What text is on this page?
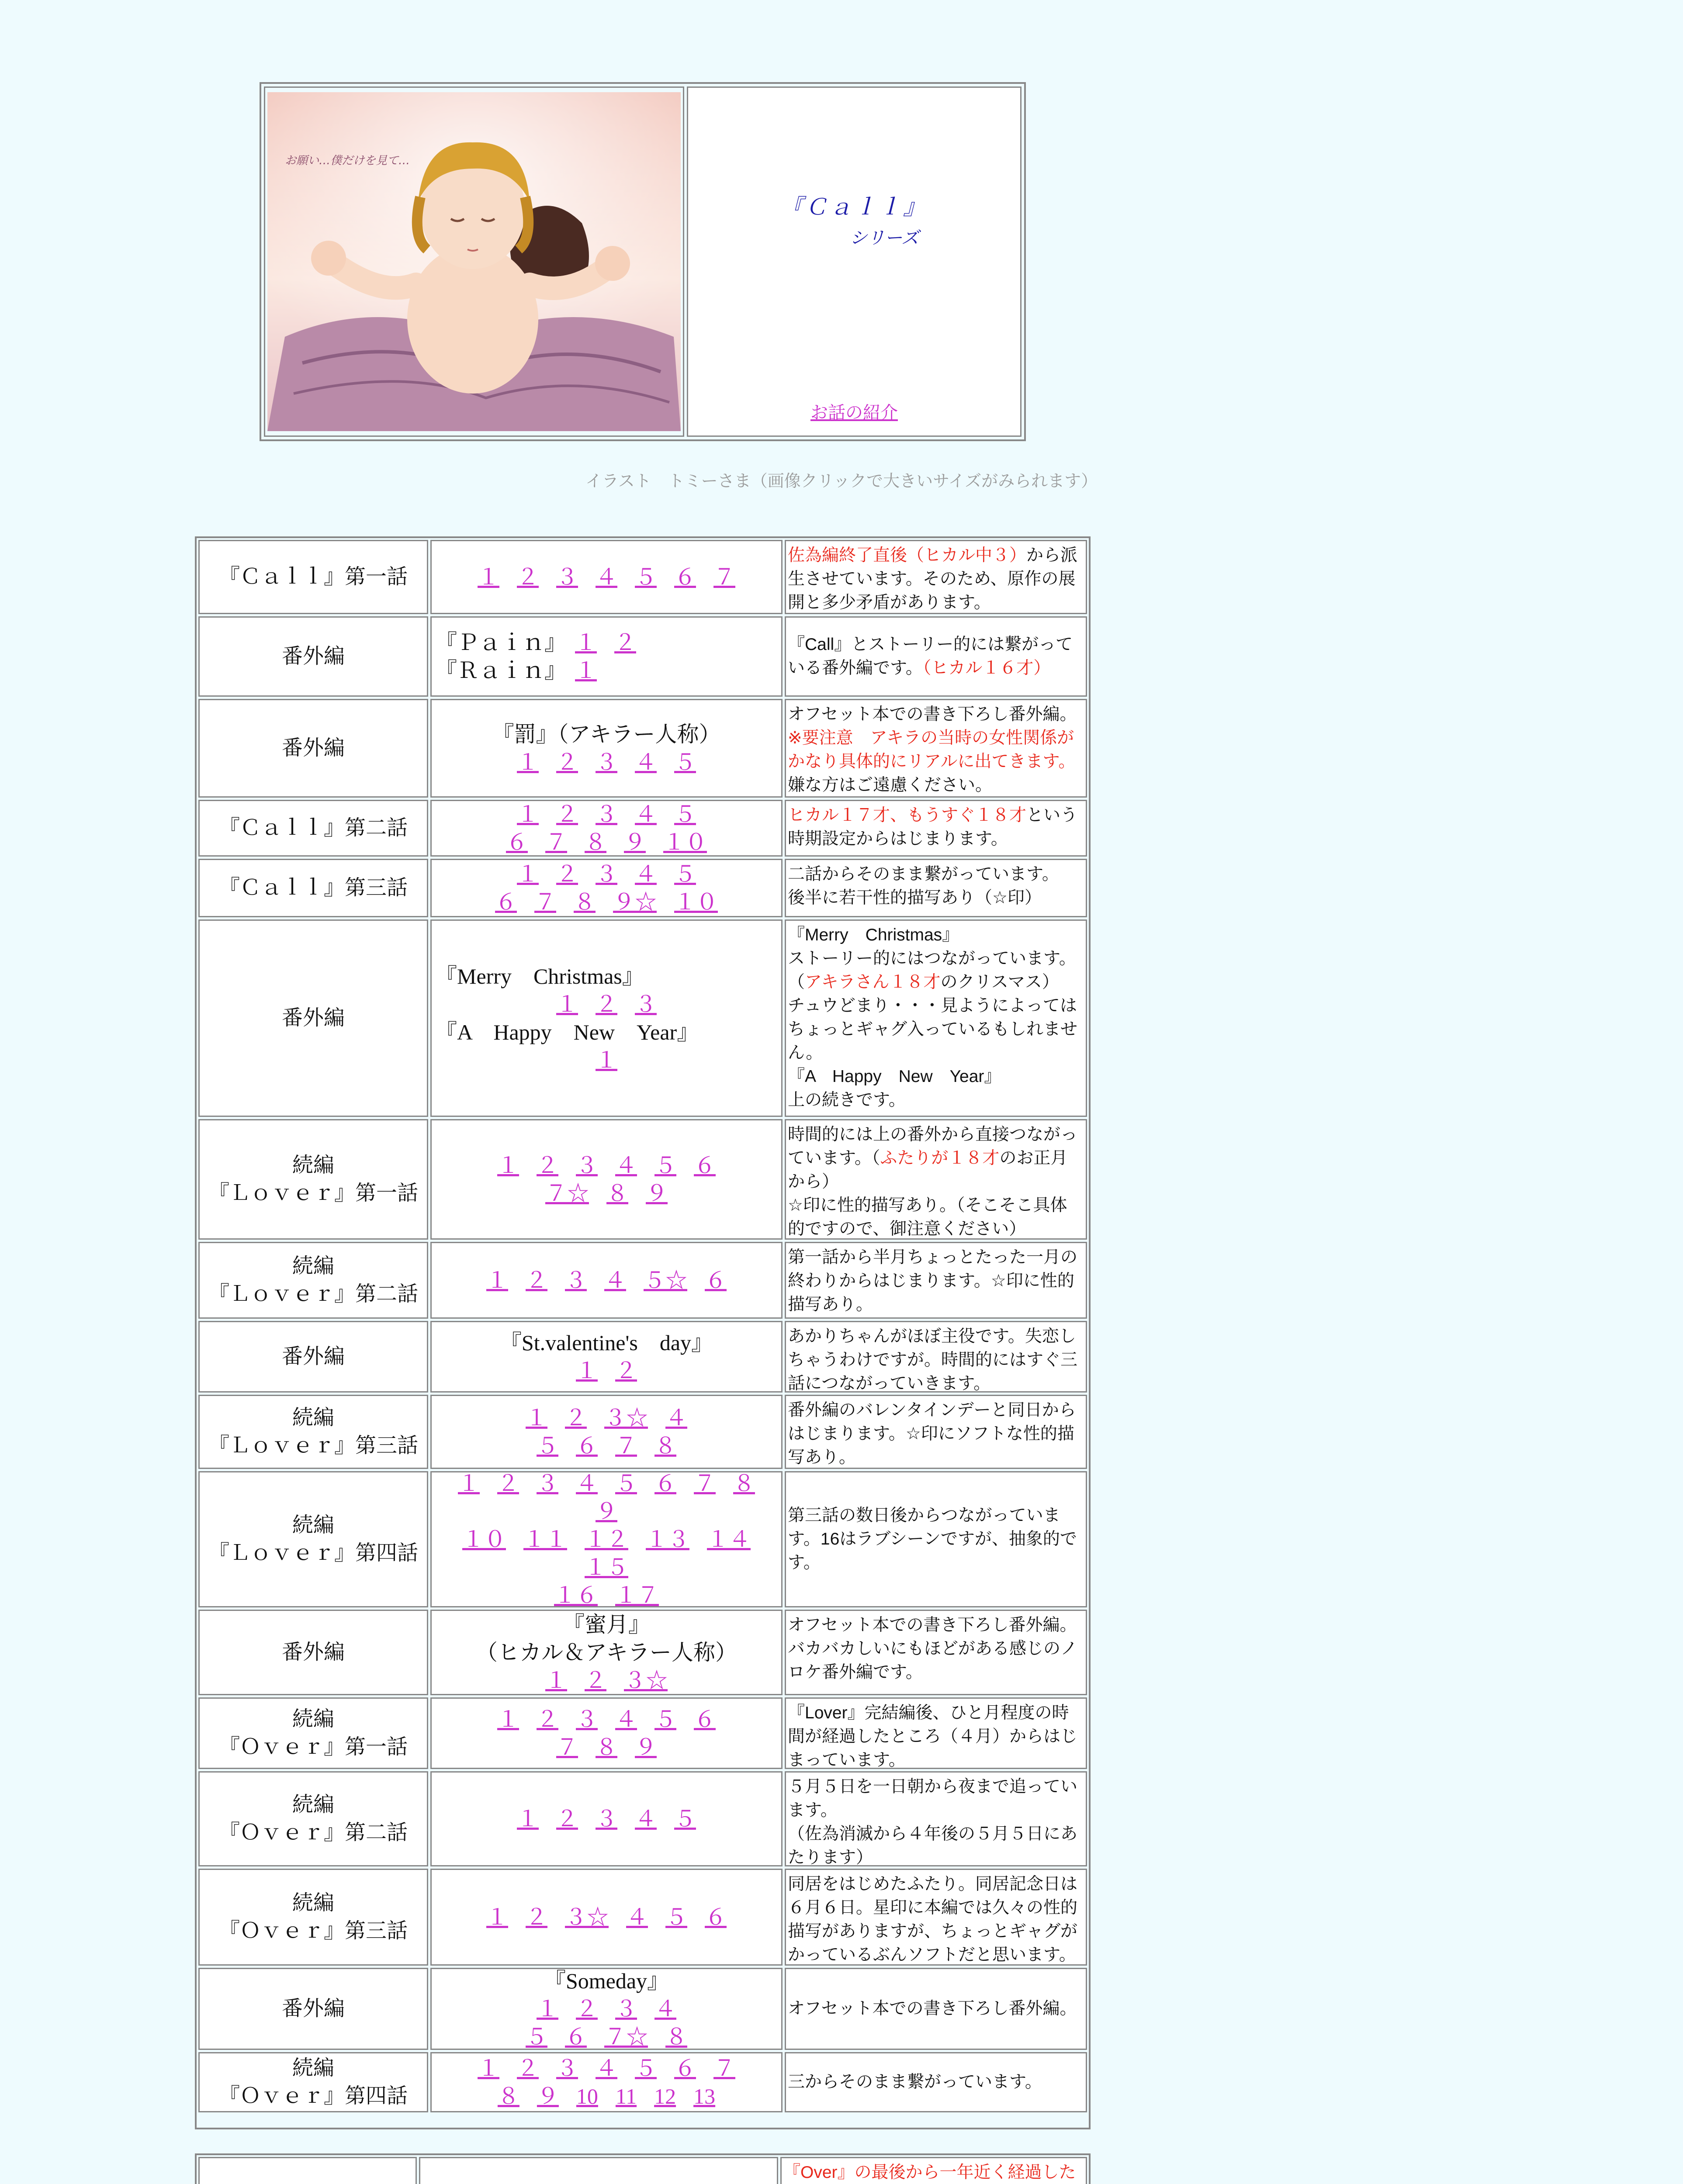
お願い…僕だけを見て…
『Ｃａｌｌ』
シリーズ
お話の紹介
イラスト　トミーさま（画像クリックで大きいサイズがみられます）
『Ｃａｌｌ』第一話	１ ２ ３ ４ ５ ６ ７
佐為編終了直後（ヒカル中３）から派生させています。そのため、原作の展開と多少矛盾があります。
番外編
『Ｐａｉｎ』 １ ２
『Ｒａｉｎ』 １
『Call』とストーリー的には繋がっている番外編です。（ヒカル１６才）
番外編
『罰』（アキラー人称）
１ ２ ３ ４ ５
オフセット本での書き下ろし番外編。
※要注意　アキラの当時の女性関係がかなり具体的にリアルに出てきます。
嫌な方はご遠慮ください。
『Ｃａｌｌ』第二話
１ ２ ３ ４ ５
６ ７ ８ ９ １０
ヒカル１７才、もうすぐ１８才という時期設定からはじまります。
『Ｃａｌｌ』第三話
１ ２ ３ ４ ５
６ ７ ８ ９☆ １０
二話からそのまま繋がっています。
後半に若干性的描写あり（☆印）
番外編
『Merry　Christmas』
１ ２ ３
『A　Happy　New　Year』
１
『Merry　Christmas』
ストーリー的にはつながっています。
（アキラさん１８才のクリスマス）
チュウどまり・・・見ようによってはちょっとギャグ入っているもしれません。
『A　Happy　New　Year』
上の続きです。
続編
『Ｌｏｖｅｒ』第一話
１ ２ ３ ４ ５ ６
７☆ ８ ９
時間的には上の番外から直接つながっています。（ふたりが１８才のお正月から）
☆印に性的描写あり。（そこそこ具体的ですので、御注意ください）
続編
『Ｌｏｖｅｒ』第二話
１ ２ ３ ４ ５☆ ６
第一話から半月ちょっとたった一月の終わりからはじまります。☆印に性的描写あり。
番外編
『St.valentine's　day』
１ ２
あかりちゃんがほぼ主役です。失恋しちゃうわけですが。時間的にはすぐ三話につながっていきます。
続編
『Ｌｏｖｅｒ』第三話
１ ２ ３☆ ４
５ ６ ７ ８
番外編のバレンタインデーと同日からはじまります。☆印にソフトな性的描写あり。
続編
『Ｌｏｖｅｒ』第四話
１ ２ ３ ４ ５ ６ ７ ８９
１０ １１ １２ １３ １４１５
１６ １７
第三話の数日後からつながっています。16はラブシーンですが、抽象的です。
番外編
『蜜月』
（ヒカル＆アキラー人称）
１ ２ ３☆
オフセット本での書き下ろし番外編。バカバカしいにもほどがある感じのノロケ番外編です。
続編
『Ｏｖｅｒ』第一話
１ ２ ３ ４ ５ ６
７ ８ ９
『Lover』完結編後、ひと月程度の時間が経過したところ（４月）からはじまっています。
続編
『Ｏｖｅｒ』第二話
１ ２ ３ ４ ５
５月５日を一日朝から夜まで追っています。
（佐為消滅から４年後の５月５日にあたります）
続編
『Ｏｖｅｒ』第三話
１ ２ ３☆ ４ ５ ６
同居をはじめたふたり。同居記念日は６月６日。星印に本編では久々の性的描写がありますが、ちょっとギャグがかっているぶんソフトだと思います。
番外編
『Someday』
１ ２ ３ ４
５ ６ ７☆ ８
オフセット本での書き下ろし番外編。
続編
『Ｏｖｅｒ』第四話
１ ２ ３ ４ ５ ６ ７
８ ９ 10 11 12 13
三からそのまま繋がっています。
『Over』の最後から一年近く経過した
